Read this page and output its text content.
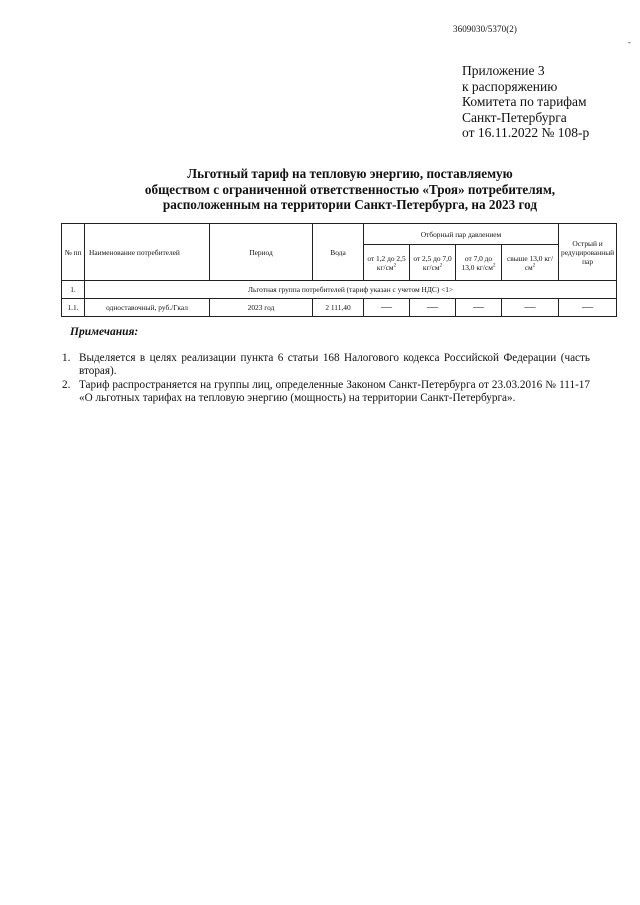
3609030/5370(2)
-
Приложение 3
к распоряжению
Комитета по тарифам
Санкт-Петербурга
от 16.11.2022 № 108-р
Льготный тариф на тепловую энергию, поставляемую
обществом с ограниченной ответственностью «Троя» потребителям,
расположенным на территории Санкт-Петербурга, на 2023 год
№ пп	Наименование потребителей	Период	Вода	Отборный пар давлением				Острый и редуцированный пар
				от 1,2 до 2,5 $кг/см^2$	от 2,5 до 7,0 $кг/см^2$	от 7,0 до 13,0 $кг/см^2$	свыше 13,0 $кг/см^2$
1.	Льготная группа потребителей (тариф указан с учетом НДС) <1>							
1.1.	одноставочный, руб./Гкал	2023 год	2 111,40	—	—	—	—	—
Примечания:
1. Выделяется в целях реализации пункта 6 статьи 168 Налогового кодекса Российской Федерации (часть вторая).
2. Тариф распространяется на группы лиц, определенные Законом Санкт-Петербурга от 23.03.2016 № 111-17 «О льготных тарифах на тепловую энергию (мощность) на территории Санкт-Петербурга».
